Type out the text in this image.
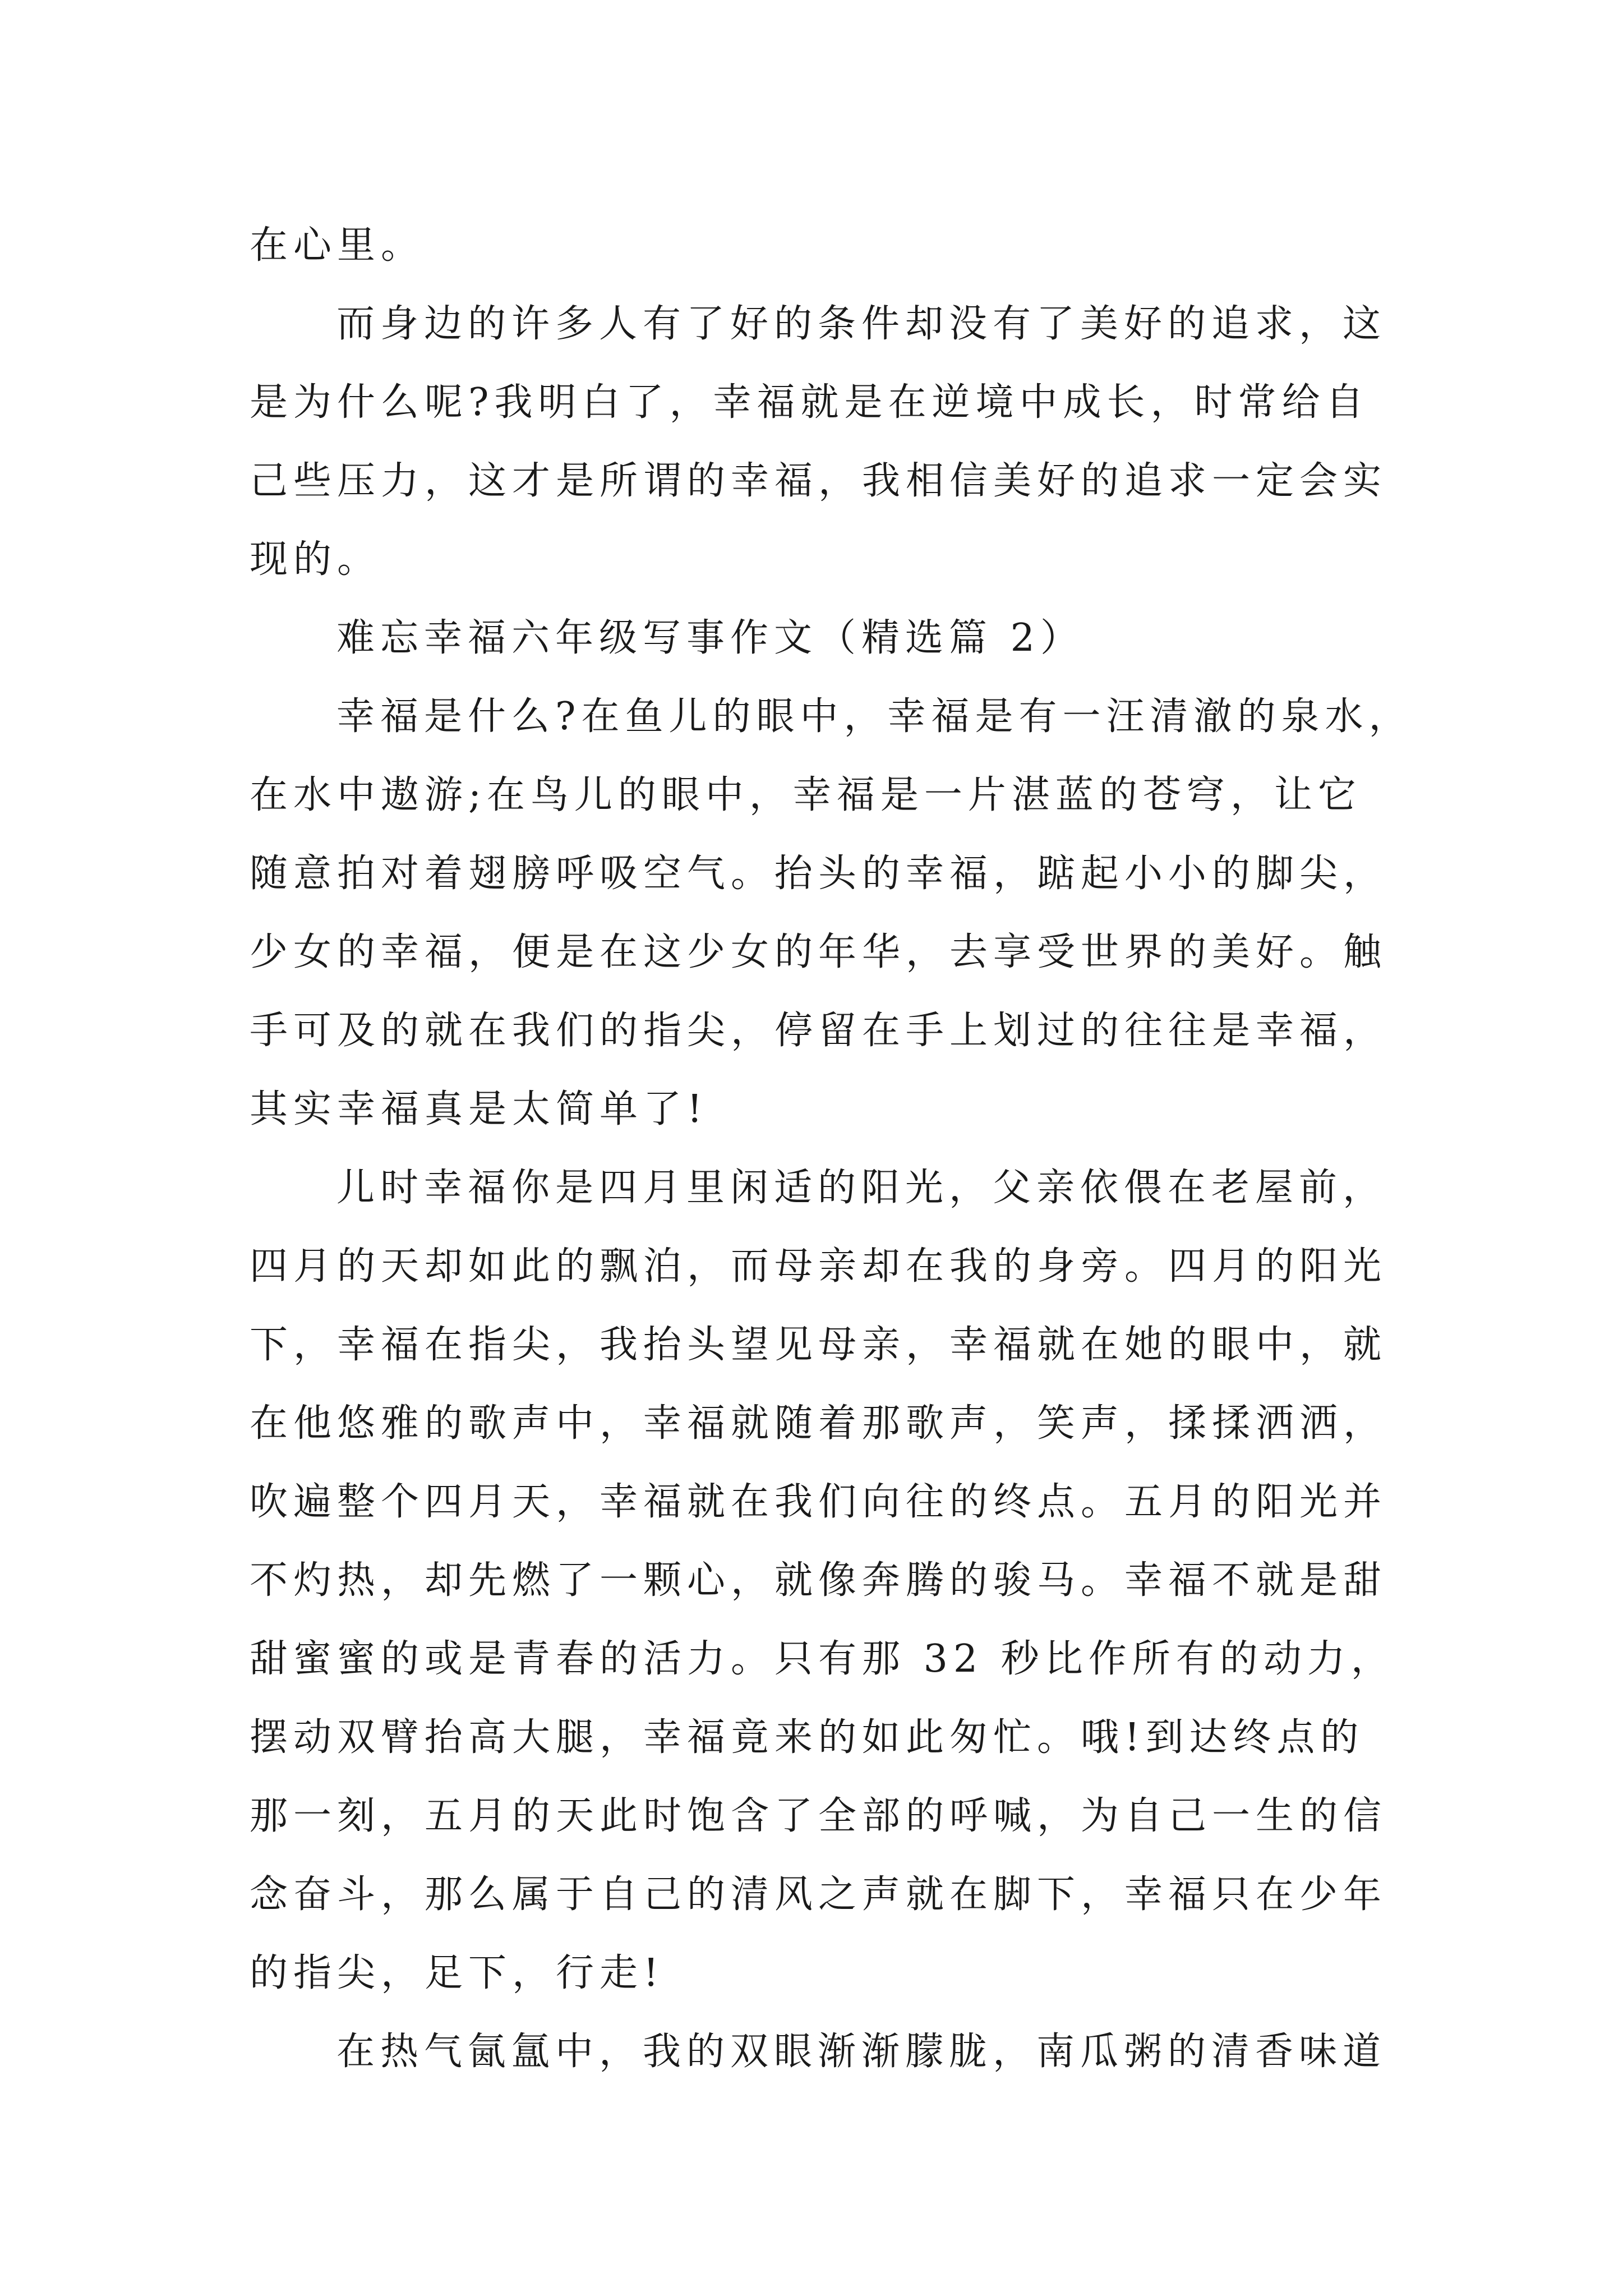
在心里。
而身边的许多人有了好的条件却没有了美好的追求，这
是为什么呢?我明白了，幸福就是在逆境中成长，时常给自
己些压力，这才是所谓的幸福，我相信美好的追求一定会实
现的。
难忘幸福六年级写事作文（精选篇 2）
幸福是什么?在鱼儿的眼中，幸福是有一汪清澈的泉水，
在水中遨游;在鸟儿的眼中，幸福是一片湛蓝的苍穹，让它
随意拍对着翅膀呼吸空气。抬头的幸福，踮起小小的脚尖，
少女的幸福，便是在这少女的年华，去享受世界的美好。触
手可及的就在我们的指尖，停留在手上划过的往往是幸福，
其实幸福真是太简单了!
儿时幸福你是四月里闲适的阳光，父亲依偎在老屋前，
四月的天却如此的飘泊，而母亲却在我的身旁。四月的阳光
下，幸福在指尖，我抬头望见母亲，幸福就在她的眼中，就
在他悠雅的歌声中，幸福就随着那歌声，笑声，揉揉洒洒，
吹遍整个四月天，幸福就在我们向往的终点。五月的阳光并
不灼热，却先燃了一颗心，就像奔腾的骏马。幸福不就是甜
甜蜜蜜的或是青春的活力。只有那 32 秒比作所有的动力，
摆动双臂抬高大腿，幸福竟来的如此匆忙。哦!到达终点的
那一刻，五月的天此时饱含了全部的呼喊，为自己一生的信
念奋斗，那么属于自己的清风之声就在脚下，幸福只在少年
的指尖，足下，行走!
在热气氤氲中，我的双眼渐渐朦胧，南瓜粥的清香味道
